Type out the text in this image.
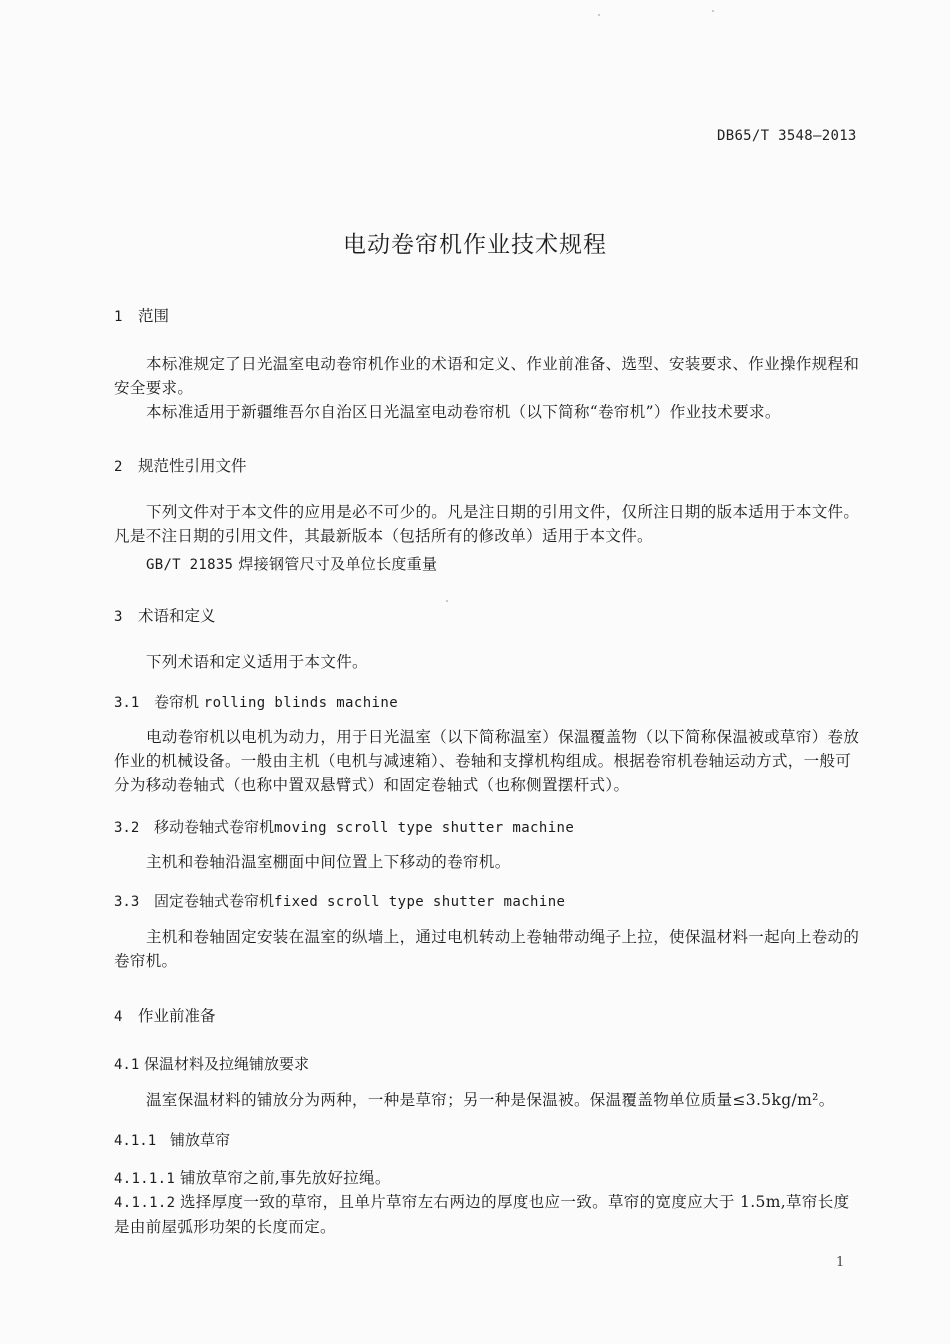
DB65/T 3548—2013
电动卷帘机作业技术规程
1 范围
本标准规定了日光温室电动卷帘机作业的术语和定义、作业前准备、选型、安装要求、作业操作规程和安全要求。
本标准适用于新疆维吾尔自治区日光温室电动卷帘机（以下简称“卷帘机”）作业技术要求。
2 规范性引用文件
下列文件对于本文件的应用是必不可少的。凡是注日期的引用文件，仅所注日期的版本适用于本文件。凡是不注日期的引用文件，其最新版本（包括所有的修改单）适用于本文件。
GB/T 21835 焊接钢管尺寸及单位长度重量
3 术语和定义
下列术语和定义适用于本文件。
3.1 卷帘机 rolling blinds machine
电动卷帘机以电机为动力，用于日光温室（以下简称温室）保温覆盖物（以下简称保温被或草帘）卷放作业的机械设备。一般由主机（电机与减速箱）、卷轴和支撑机构组成。根据卷帘机卷轴运动方式，一般可分为移动卷轴式（也称中置双悬臂式）和固定卷轴式（也称侧置摆杆式）。
3.2 移动卷轴式卷帘机moving scroll type shutter machine
主机和卷轴沿温室棚面中间位置上下移动的卷帘机。
3.3 固定卷轴式卷帘机fixed scroll type shutter machine
主机和卷轴固定安装在温室的纵墙上，通过电机转动上卷轴带动绳子上拉，使保温材料一起向上卷动的卷帘机。
4 作业前准备
4.1 保温材料及拉绳铺放要求
温室保温材料的铺放分为两种，一种是草帘；另一种是保温被。保温覆盖物单位质量≤3.5kg/m²。
4.1.1 铺放草帘
4.1.1.1 铺放草帘之前,事先放好拉绳。
4.1.1.2 选择厚度一致的草帘，且单片草帘左右两边的厚度也应一致。草帘的宽度应大于 1.5m,草帘长度是由前屋弧形功架的长度而定。
1
